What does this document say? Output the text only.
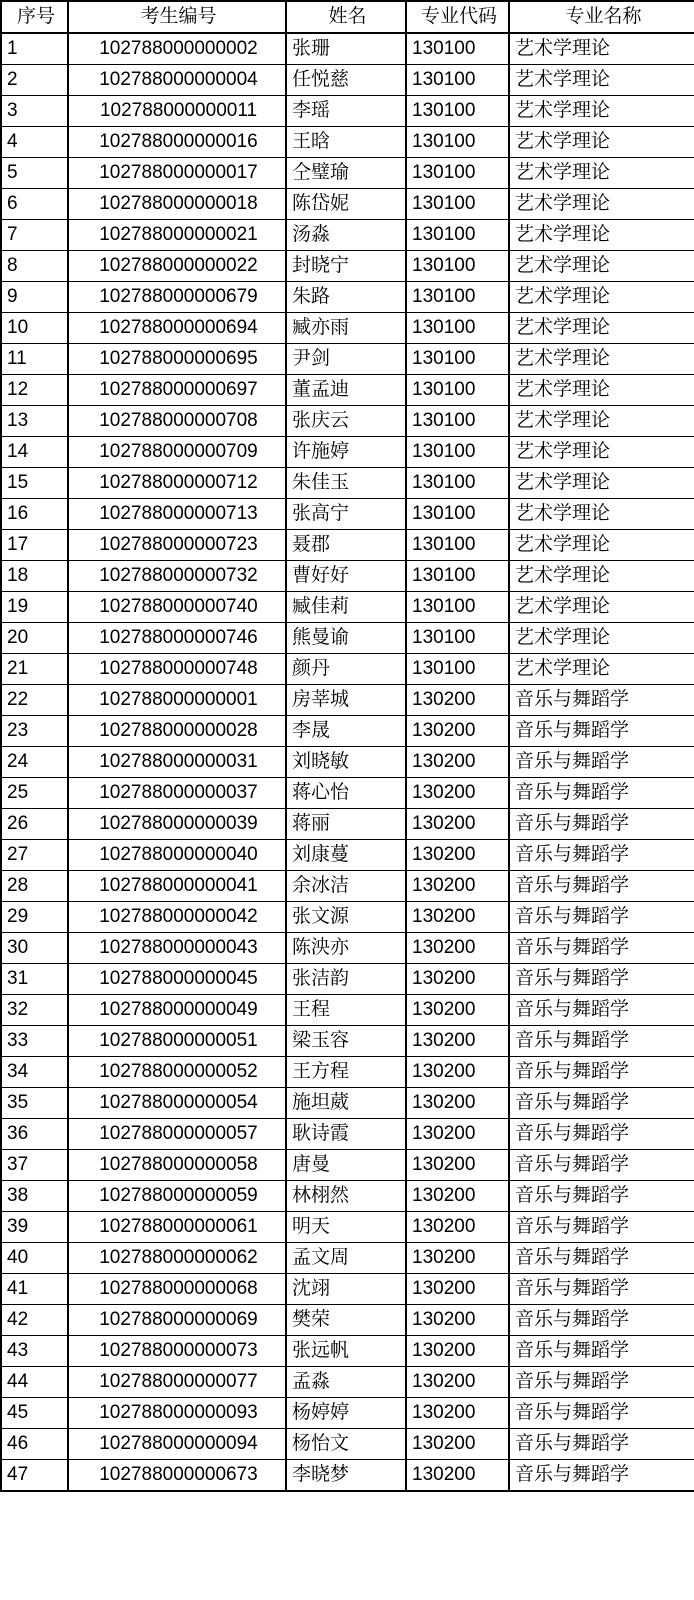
序号	考生编号	姓名	专业代码	专业名称
1	102788000000002	张珊	130100	艺术学理论
2	102788000000004	任悦慈	130100	艺术学理论
3	102788000000011	李瑶	130100	艺术学理论
4	102788000000016	王晗	130100	艺术学理论
5	102788000000017	仝璧瑜	130100	艺术学理论
6	102788000000018	陈岱妮	130100	艺术学理论
7	102788000000021	汤淼	130100	艺术学理论
8	102788000000022	封晓宁	130100	艺术学理论
9	102788000000679	朱路	130100	艺术学理论
10	102788000000694	臧亦雨	130100	艺术学理论
11	102788000000695	尹剑	130100	艺术学理论
12	102788000000697	董孟迪	130100	艺术学理论
13	102788000000708	张庆云	130100	艺术学理论
14	102788000000709	许施婷	130100	艺术学理论
15	102788000000712	朱佳玉	130100	艺术学理论
16	102788000000713	张高宁	130100	艺术学理论
17	102788000000723	聂郡	130100	艺术学理论
18	102788000000732	曹好好	130100	艺术学理论
19	102788000000740	臧佳莉	130100	艺术学理论
20	102788000000746	熊曼谕	130100	艺术学理论
21	102788000000748	颜丹	130100	艺术学理论
22	102788000000001	房莘城	130200	音乐与舞蹈学
23	102788000000028	李晟	130200	音乐与舞蹈学
24	102788000000031	刘晓敏	130200	音乐与舞蹈学
25	102788000000037	蒋心怡	130200	音乐与舞蹈学
26	102788000000039	蒋丽	130200	音乐与舞蹈学
27	102788000000040	刘康蔓	130200	音乐与舞蹈学
28	102788000000041	余冰洁	130200	音乐与舞蹈学
29	102788000000042	张文源	130200	音乐与舞蹈学
30	102788000000043	陈泱亦	130200	音乐与舞蹈学
31	102788000000045	张洁韵	130200	音乐与舞蹈学
32	102788000000049	王程	130200	音乐与舞蹈学
33	102788000000051	梁玉容	130200	音乐与舞蹈学
34	102788000000052	王方程	130200	音乐与舞蹈学
35	102788000000054	施坦葳	130200	音乐与舞蹈学
36	102788000000057	耿诗霞	130200	音乐与舞蹈学
37	102788000000058	唐曼	130200	音乐与舞蹈学
38	102788000000059	林栩然	130200	音乐与舞蹈学
39	102788000000061	明天	130200	音乐与舞蹈学
40	102788000000062	孟文周	130200	音乐与舞蹈学
41	102788000000068	沈翊	130200	音乐与舞蹈学
42	102788000000069	樊荣	130200	音乐与舞蹈学
43	102788000000073	张远帆	130200	音乐与舞蹈学
44	102788000000077	孟淼	130200	音乐与舞蹈学
45	102788000000093	杨婷婷	130200	音乐与舞蹈学
46	102788000000094	杨怡文	130200	音乐与舞蹈学
47	102788000000673	李晓梦	130200	音乐与舞蹈学
